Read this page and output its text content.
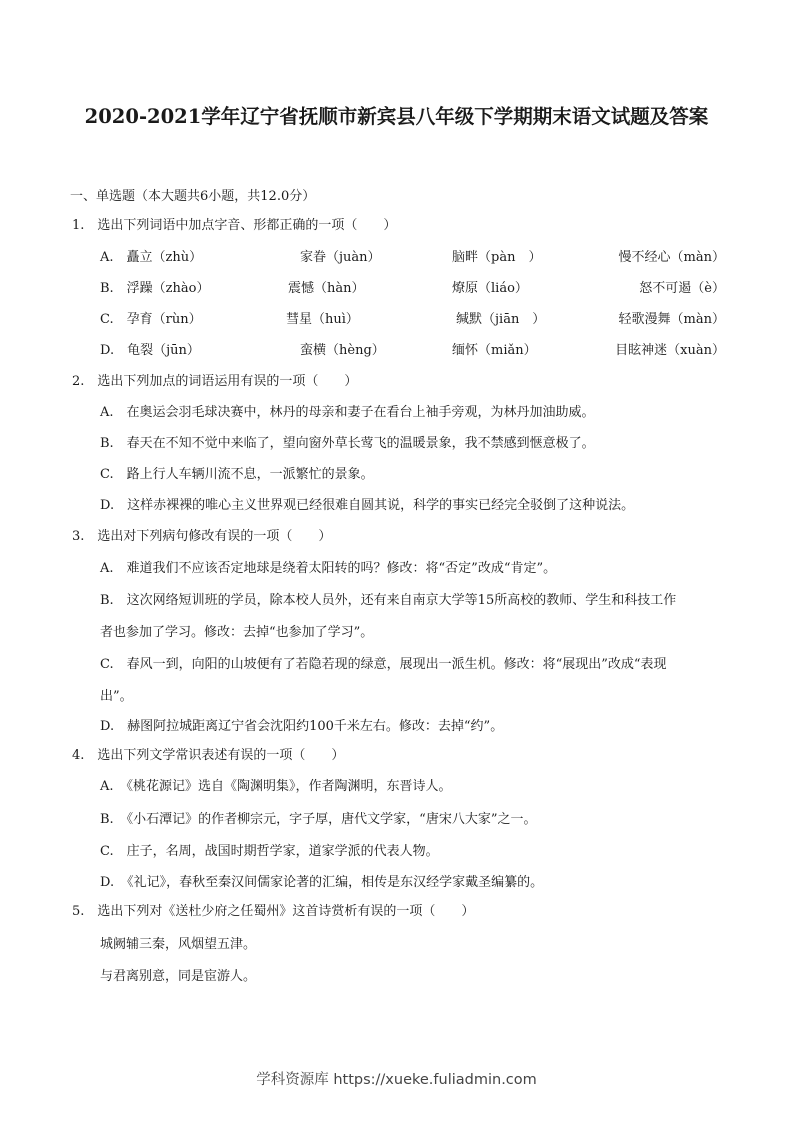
2020-2021学年辽宁省抚顺市新宾县八年级下学期期末语文试题及答案
一、单选题（本大题共6小题，共12.0分）
1.　选出下列词语中加点字音、形都正确的一项（　　）
A.　矗立（zhù）	家眷（juàn）	脑畔（pàn　）	慢不经心（màn）
B.　浮躁（zhào）	震憾（hàn）	燎原（liáo）	怒不可遏（è）
C.　孕育（rùn）	彗星（huì）	缄默（jiān　）	轻歌漫舞（màn）
D.　龟裂（jūn）	蛮横（hèng）	缅怀（miǎn）	目眩神迷（xuàn）
2.　选出下列加点的词语运用有误的一项（　　）
A.　在奥运会羽毛球决赛中，林丹的母亲和妻子在看台上袖手旁观，为林丹加油助威。
B.　春天在不知不觉中来临了，望向窗外草长莺飞的温暖景象，我不禁感到惬意极了。
C.　路上行人车辆川流不息，一派繁忙的景象。
D.　这样赤裸裸的唯心主义世界观已经很难自圆其说，科学的事实已经完全驳倒了这种说法。
3.　选出对下列病句修改有误的一项（　　）
A.　难道我们不应该否定地球是绕着太阳转的吗？修改：将“否定”改成“肯定”。
B.　这次网络短训班的学员，除本校人员外，还有来自南京大学等15所高校的教师、学生和科技工作
者也参加了学习。修改：去掉“也参加了学习”。
C.　春风一到，向阳的山坡便有了若隐若现的绿意，展现出一派生机。修改：将“展现出”改成“表现
出”。
D.　赫图阿拉城距离辽宁省会沈阳约100千米左右。修改：去掉“约”。
4.　选出下列文学常识表述有误的一项（　　）
A.　《桃花源记》选自《陶渊明集》，作者陶渊明，东晋诗人。
B.　《小石潭记》的作者柳宗元，字子厚，唐代文学家，“唐宋八大家”之一。
C.　庄子，名周，战国时期哲学家，道家学派的代表人物。
D.　《礼记》，春秋至秦汉间儒家论著的汇编，相传是东汉经学家戴圣编纂的。
5.　选出下列对《送杜少府之任蜀州》这首诗赏析有误的一项（　　）
城阙辅三秦，风烟望五津。
与君离别意，同是宦游人。
学科资源库 https://xueke.fuliadmin.com
